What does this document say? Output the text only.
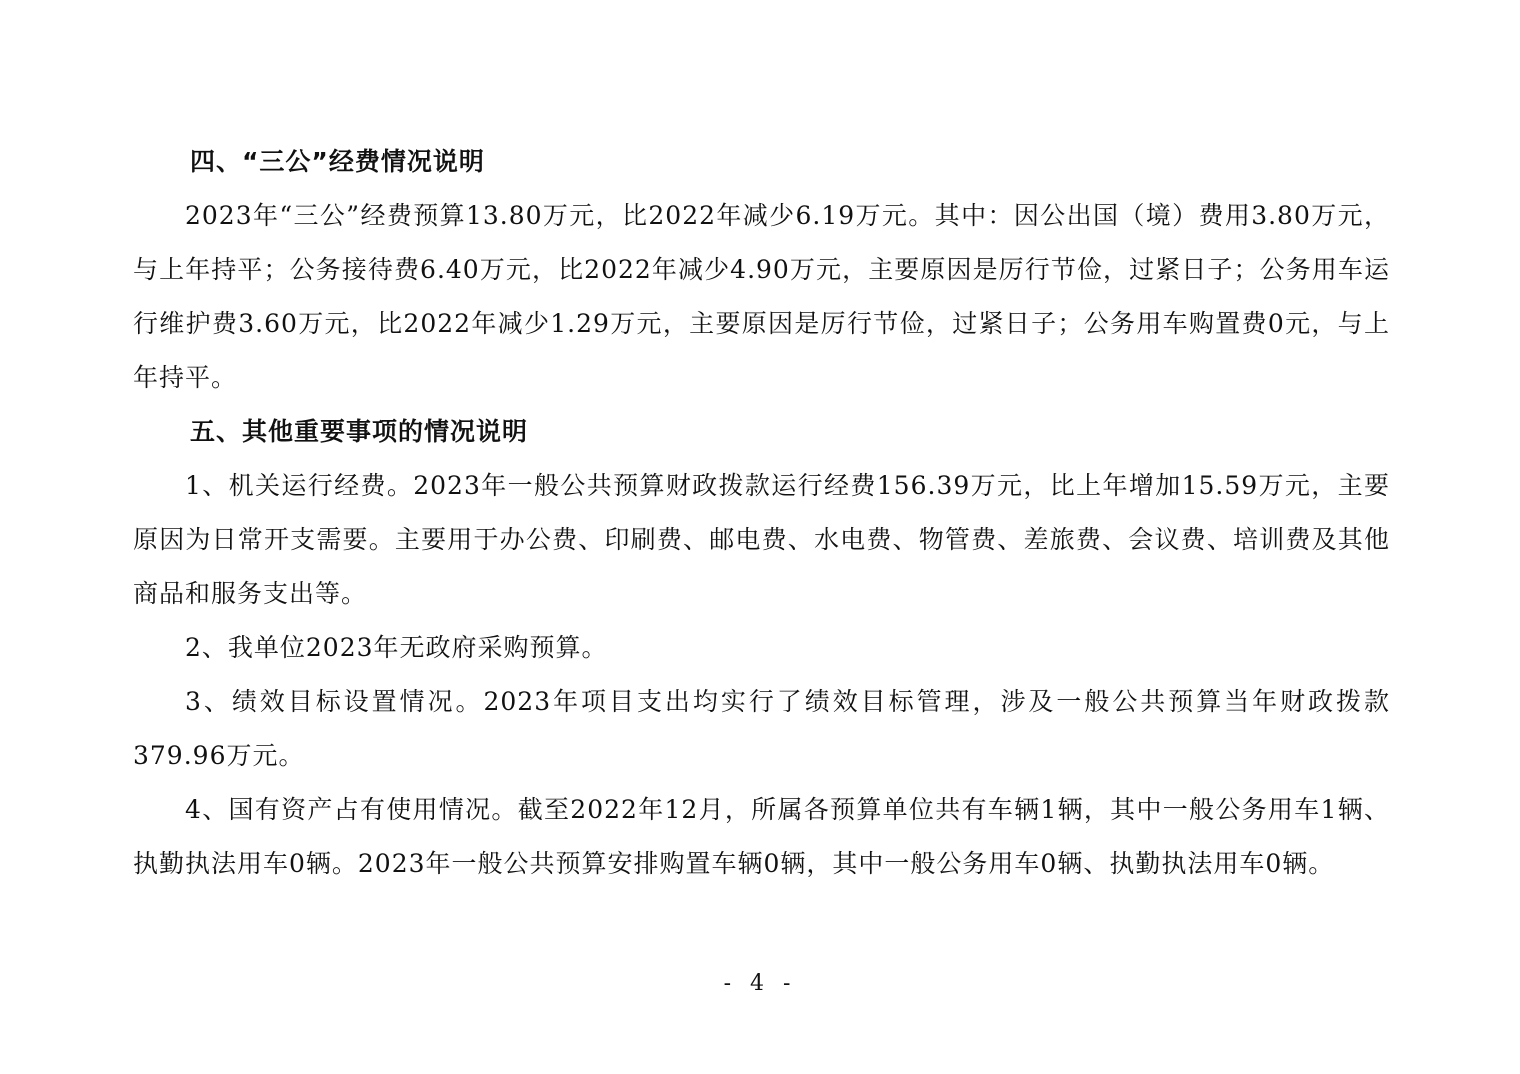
四、“三公”经费情况说明

2023年“三公”经费预算13.80万元，比2022年减少6.19万元。其中：因公出国（境）费用3.80万元，与上年持平；公务接待费6.40万元，比2022年减少4.90万元，主要原因是厉行节俭，过紧日子；公务用车运行维护费3.60万元，比2022年减少1.29万元，主要原因是厉行节俭，过紧日子；公务用车购置费0元，与上年持平。

五、其他重要事项的情况说明

1、机关运行经费。2023年一般公共预算财政拨款运行经费156.39万元，比上年增加15.59万元，主要原因为日常开支需要。主要用于办公费、印刷费、邮电费、水电费、物管费、差旅费、会议费、培训费及其他商品和服务支出等。

2、我单位2023年无政府采购预算。

3、绩效目标设置情况。2023年项目支出均实行了绩效目标管理，涉及一般公共预算当年财政拨款379.96万元。

4、国有资产占有使用情况。截至2022年12月，所属各预算单位共有车辆1辆，其中一般公务用车1辆、执勤执法用车0辆。2023年一般公共预算安排购置车辆0辆，其中一般公务用车0辆、执勤执法用车0辆。

- 4 -
